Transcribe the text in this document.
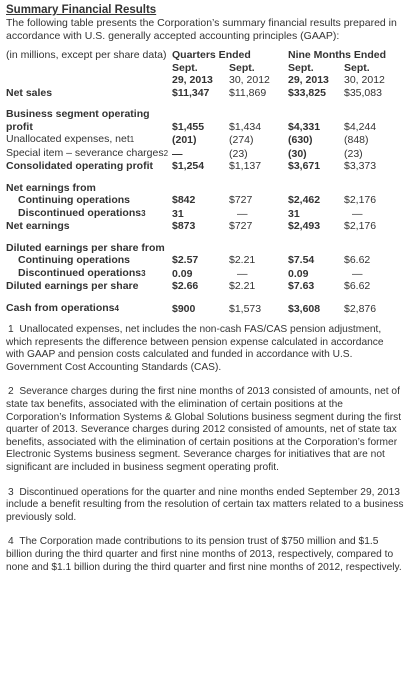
Summary Financial Results

The following table presents the Corporation’s summary financial results prepared in accordance with U.S. generally accepted accounting principles (GAAP):

(in millions, except per share data)	Quarters Ended		Nine Months Ended	
	Sept.	Sept.	Sept.	Sept.
	29, 2013	30, 2012	29, 2013	30, 2012
Net sales	$11,347	$11,869	$33,825	$35,083

Business segment operating				
profit	$1,455	$1,434	$4,331	$4,244
Unallocated expenses, net1	(201)	(274)	(630)	(848)
Special item – severance charges2	—	(23)	(30)	(23)
Consolidated operating profit	$1,254	$1,137	$3,671	$3,373

Net earnings from				
Continuing operations	$842	$727	$2,462	$2,176
Discontinued operations3	31	—	31	—
Net earnings	$873	$727	$2,493	$2,176

Diluted earnings per share from				
Continuing operations	$2.57	$2.21	$7.54	$6.62
Discontinued operations3	0.09	—	0.09	—
Diluted earnings per share	$2.66	$2.21	$7.63	$6.62

Cash from operations4	$900	$1,573	$3,608	$2,876

1 Unallocated expenses, net includes the non-cash FAS/CAS pension adjustment, which represents the difference between pension expense calculated in accordance with GAAP and pension costs calculated and funded in accordance with U.S. Government Cost Accounting Standards (CAS).

2 Severance charges during the first nine months of 2013 consisted of amounts, net of state tax benefits, associated with the elimination of certain positions at the Corporation’s Information Systems & Global Solutions business segment during the first quarter of 2013. Severance charges during 2012 consisted of amounts, net of state tax benefits, associated with the elimination of certain positions at the Corporation’s former Electronic Systems business segment. Severance charges for initiatives that are not significant are included in business segment operating profit.

3 Discontinued operations for the quarter and nine months ended September 29, 2013 include a benefit resulting from the resolution of certain tax matters related to a business previously sold.

4 The Corporation made contributions to its pension trust of $750 million and $1.5 billion during the third quarter and first nine months of 2013, respectively, compared to none and $1.1 billion during the third quarter and first nine months of 2012, respectively.
